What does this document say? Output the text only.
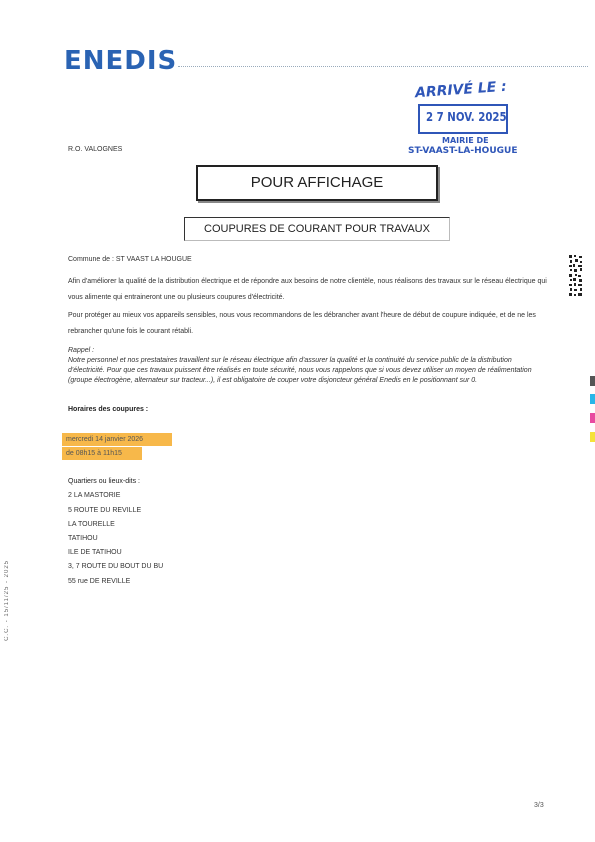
ENEDIS
ARRIVÉ LE :
2 7 NOV. 2025
MAIRIE DE
ST-VAAST-LA-HOUGUE
R.O. VALOGNES
POUR AFFICHAGE
COUPURES DE COURANT POUR TRAVAUX
Commune de : ST VAAST LA HOUGUE
Afin d'améliorer la qualité de la distribution électrique et de répondre aux besoins de notre clientèle, nous réalisons des travaux sur le réseau électrique qui vous alimente qui entraineront une ou plusieurs coupures d'électricité.
Pour protéger au mieux vos appareils sensibles, nous vous recommandons de les débrancher avant l'heure de début de coupure indiquée, et de ne les rebrancher qu'une fois le courant rétabli.
Rappel :
Notre personnel et nos prestataires travaillent sur le réseau électrique afin d'assurer la qualité et la continuité du service public de la distribution d'électricité. Pour que ces travaux puissent être réalisés en toute sécurité, nous vous rappelons que si vous devez utiliser un moyen de réalimentation (groupe électrogène, alternateur sur tracteur...), il est obligatoire de couper votre disjoncteur général Enedis en le positionnant sur 0.
Horaires des coupures :
mercredi 14 janvier 2026
de 08h15 à 11h15
Quartiers ou lieux-dits :
2 LA MASTORIE
5 ROUTE DU REVILLE
LA TOURELLE
TATIHOU
ILE DE TATIHOU
3, 7 ROUTE DU BOUT DU BU
55 rue DE REVILLE
C.C. - 15/11/25 - 2025
3/3
